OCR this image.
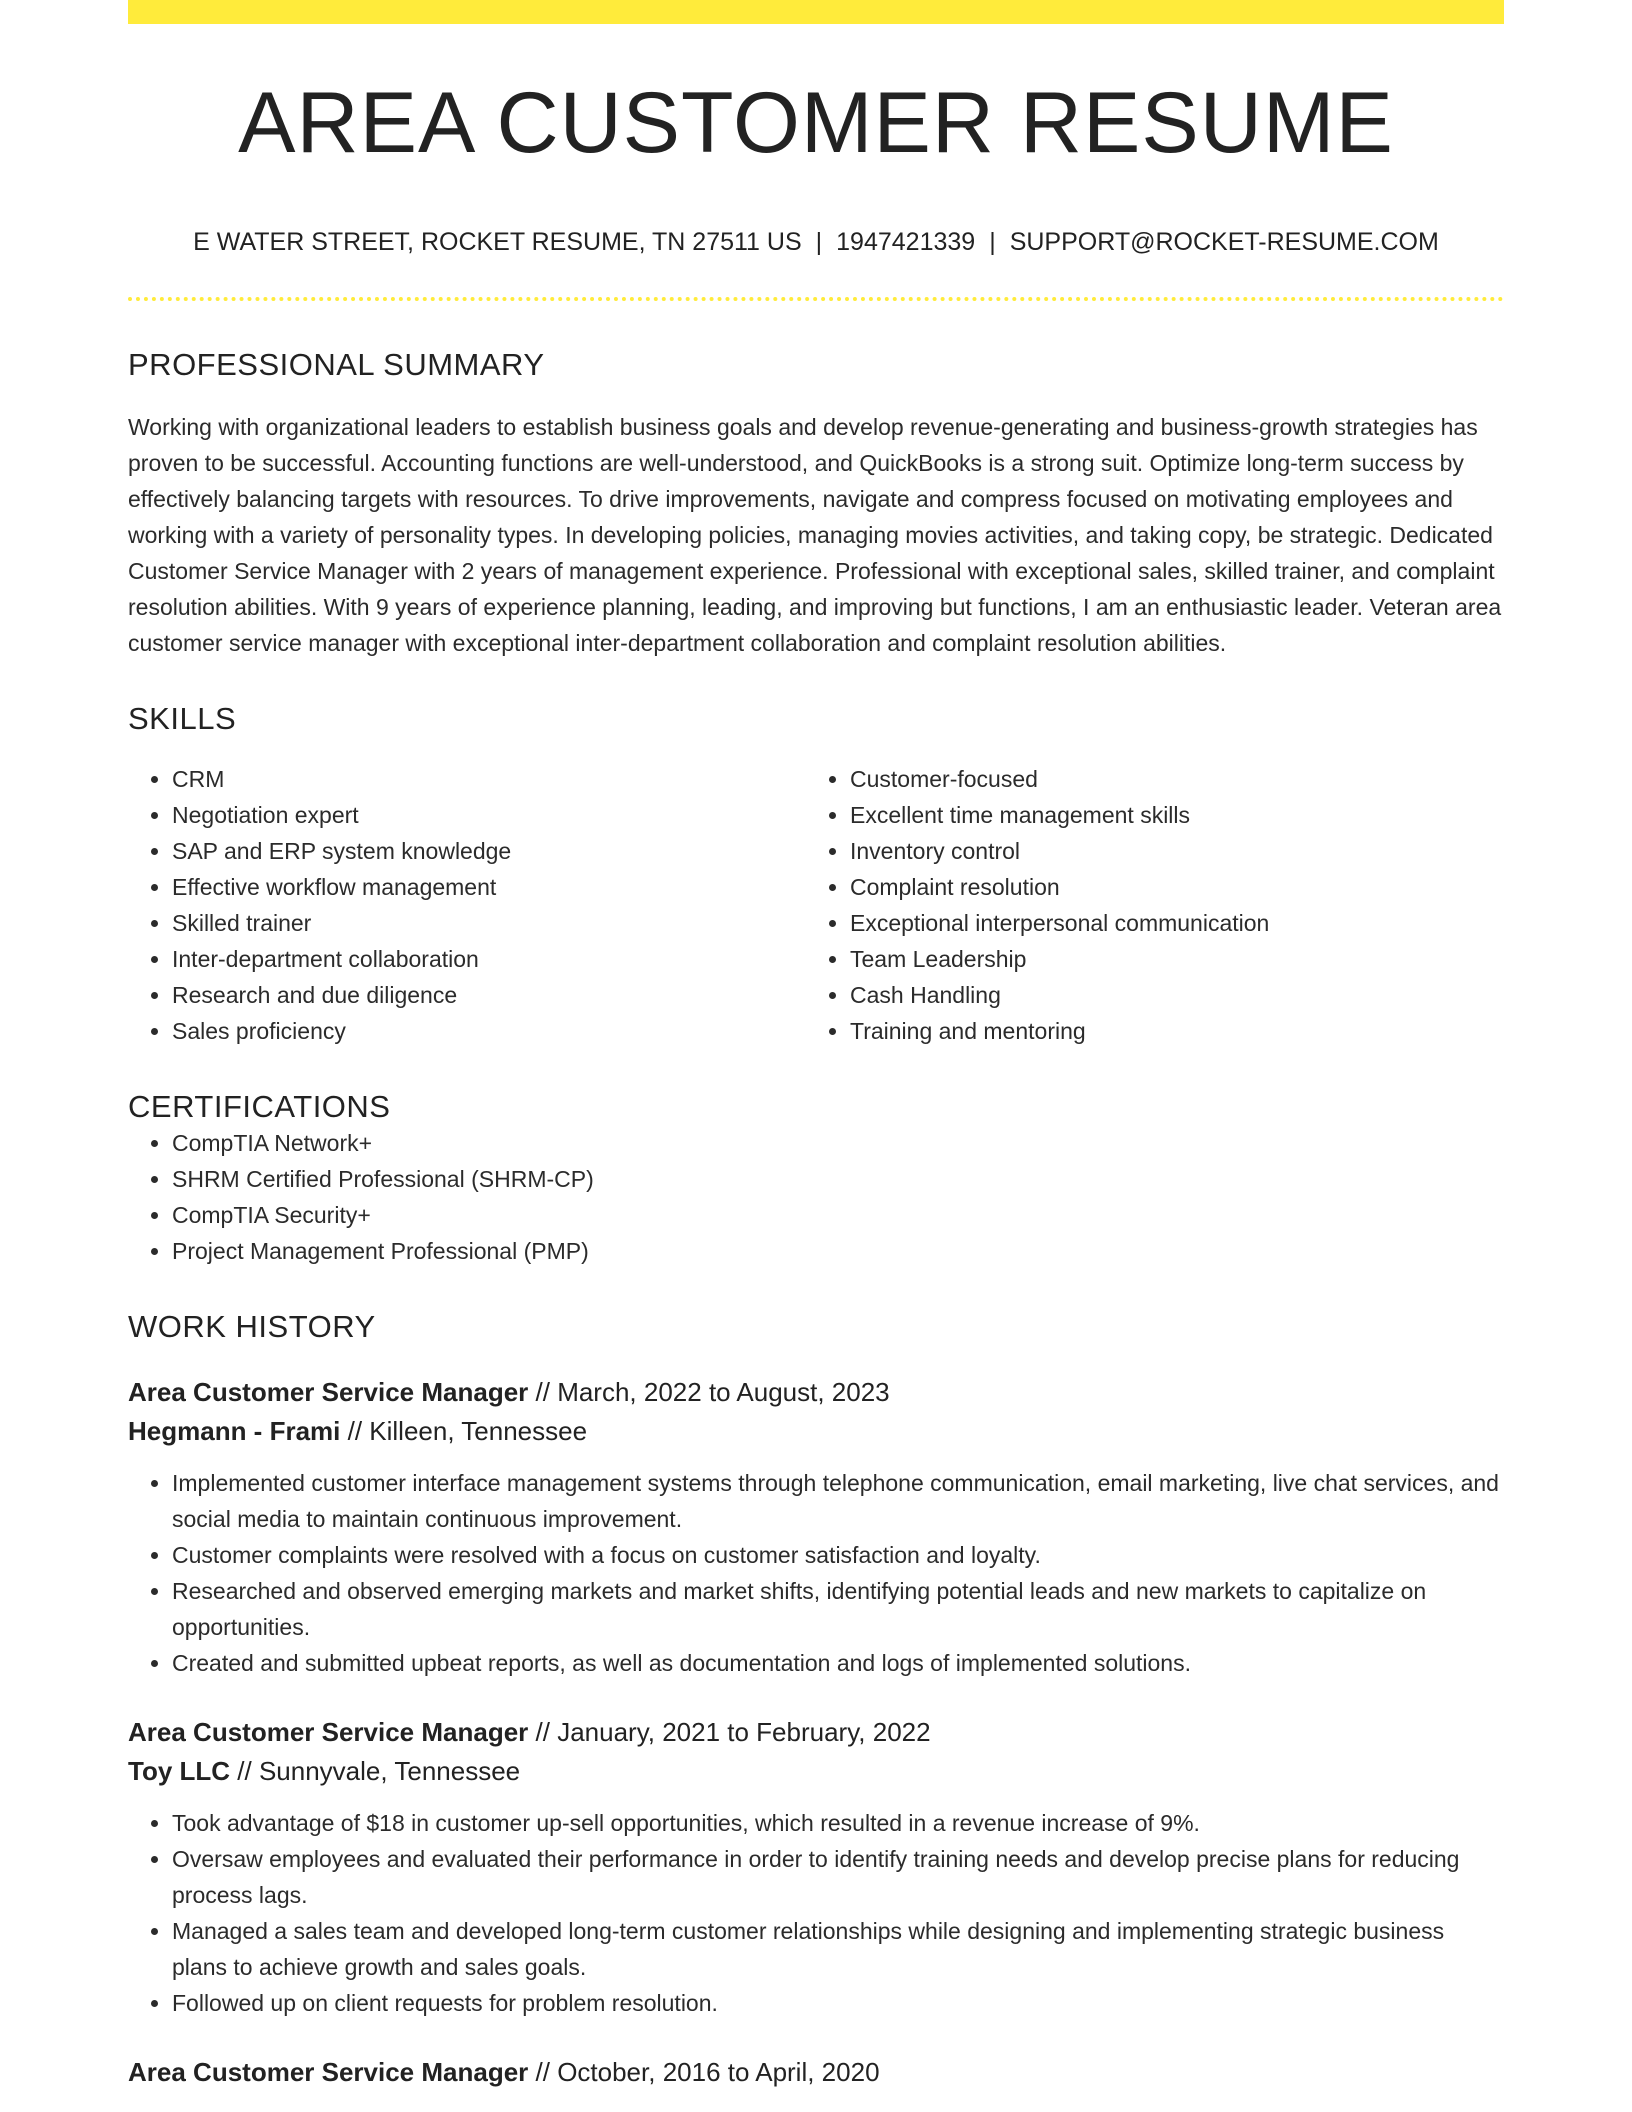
AREA CUSTOMER RESUME
E WATER STREET, ROCKET RESUME, TN 27511 US | 1947421339 | SUPPORT@ROCKET-RESUME.COM
PROFESSIONAL SUMMARY
Working with organizational leaders to establish business goals and develop revenue-generating and business-growth strategies has proven to be successful. Accounting functions are well-understood, and QuickBooks is a strong suit. Optimize long-term success by effectively balancing targets with resources. To drive improvements, navigate and compress focused on motivating employees and working with a variety of personality types. In developing policies, managing movies activities, and taking copy, be strategic. Dedicated Customer Service Manager with 2 years of management experience. Professional with exceptional sales, skilled trainer, and complaint resolution abilities. With 9 years of experience planning, leading, and improving but functions, I am an enthusiastic leader. Veteran area customer service manager with exceptional inter-department collaboration and complaint resolution abilities.
SKILLS
• CRM
• Negotiation expert
• SAP and ERP system knowledge
• Effective workflow management
• Skilled trainer
• Inter-department collaboration
• Research and due diligence
• Sales proficiency
• Customer-focused
• Excellent time management skills
• Inventory control
• Complaint resolution
• Exceptional interpersonal communication
• Team Leadership
• Cash Handling
• Training and mentoring
CERTIFICATIONS
• CompTIA Network+
• SHRM Certified Professional (SHRM-CP)
• CompTIA Security+
• Project Management Professional (PMP)
WORK HISTORY
Area Customer Service Manager // March, 2022 to August, 2023
Hegmann - Frami // Killeen, Tennessee
• Implemented customer interface management systems through telephone communication, email marketing, live chat services, and social media to maintain continuous improvement.
• Customer complaints were resolved with a focus on customer satisfaction and loyalty.
• Researched and observed emerging markets and market shifts, identifying potential leads and new markets to capitalize on opportunities.
• Created and submitted upbeat reports, as well as documentation and logs of implemented solutions.
Area Customer Service Manager // January, 2021 to February, 2022
Toy LLC // Sunnyvale, Tennessee
• Took advantage of $18 in customer up-sell opportunities, which resulted in a revenue increase of 9%.
• Oversaw employees and evaluated their performance in order to identify training needs and develop precise plans for reducing process lags.
• Managed a sales team and developed long-term customer relationships while designing and implementing strategic business plans to achieve growth and sales goals.
• Followed up on client requests for problem resolution.
Area Customer Service Manager // October, 2016 to April, 2020
